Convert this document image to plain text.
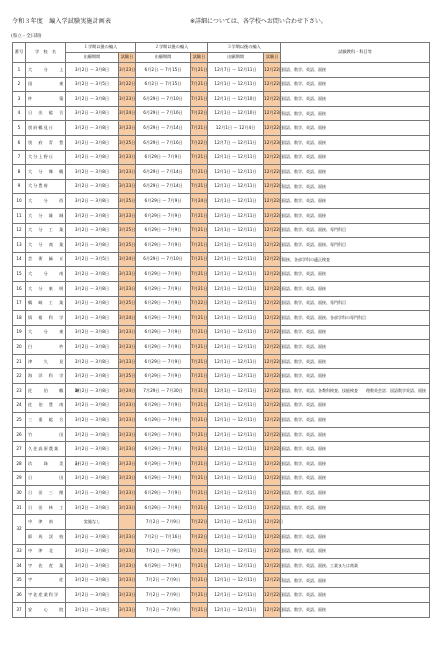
令和３年度　編入学試験実施計画表	※詳細については、各学校へお問い合わせ下さい。
(県立・全日制)
番号	学　校　名	１学期以後の編入		２学期以後の編入		３学期以後の編入		試験教科・科目等
		出願期間	試験日	出願期間	試験日	出願期間	試験日	
1	大　　分　　上	3月2日 ～ 3月8日	3月23日	6月2日 ～ 7月15日	7月21日	12月7日 ～ 12月11日	12月22日	国語、数学、英語、面接
2	国　　　　　東	3月2日 ～ 3月5日	3月22日	6月2日 ～ 7月15日	7月21日	12月1日 ～ 12月11日	12月22日	国語、数学、英語、面接
3	杵　　　　　築	3月2日 ～ 3月8日	3月23日	6月29日 ～ 7月10日	7月21日	12月1日 ～ 12月10日	12月22日	国語、数学、英語、面接
4	日　出　総　合	3月2日 ～ 3月8日	3月24日	6月29日 ～ 7月16日	7月22日	12月1日 ～ 12月10日	12月23日	国語、数学、英語、面接
5	別府鶴見丘	3月2日 ～ 3月8日	3月23日	6月29日 ～ 7月14日	7月21日	12月1日 ～ 12月4日	12月22日	国語、数学、英語、面接
6	別　府　青　豊	3月2日 ～ 3月8日	3月25日	6月29日 ～ 7月16日	7月22日	12月7日 ～ 12月11日	12月23日	国語、数学、英語、面接
7	大分上野丘	3月2日 ～ 3月8日	3月23日	6月29日 ～ 7月9日	7月21日	12月1日 ～ 12月11日	12月22日	国語、数学、英語、面接
8	大　分　舞　鶴	3月2日 ～ 3月8日	3月23日	6月29日 ～ 7月14日	7月21日	12月1日 ～ 12月11日	12月22日	国語、数学、英語、面接
9	大分豊府	3月2日 ～ 3月8日	3月23日	6月29日 ～ 7月14日	7月21日	12月1日 ～ 12月11日	12月22日	国語、数学、英語、面接
10	大　　分　　西	3月2日 ～ 3月8日	3月25日	6月29日 ～ 7月9日	7月24日	12月1日 ～ 12月11日	12月22日	国語、数学、英語、面接
11	大　分　雄　城	3月2日 ～ 3月8日	3月23日	6月29日 ～ 7月9日	7月21日	12月1日 ～ 12月11日	12月22日	国語、数学、英語、面接
12	大　分　工　業	3月2日 ～ 3月8日	3月25日	6月29日 ～ 7月9日	7月21日	12月1日 ～ 12月11日	12月22日	国語、数学、英語、面接、専門科目
13	大　分　商　業	3月2日 ～ 3月8日	3月25日	6月29日 ～ 7月9日	7月21日	12月1日 ～ 12月11日	12月22日	国語、数学、英語、面接、専門科目
14	芸　術　緑　丘	3月2日 ～ 3月5日	3月24日	6月29日 ～ 7月10日	7月21日	12月1日 ～ 12月11日	12月22日	面接、各部学科の適正検査
15	大　　分　　南	3月2日 ～ 3月8日	3月23日	6月29日 ～ 7月9日	7月21日	12月1日 ～ 12月11日	12月22日	国語、数学、英語、面接
16	大　分　東　明	3月2日 ～ 3月8日	3月23日	6月29日 ～ 7月9日	7月21日	12月1日 ～ 12月11日	12月22日	国語、数学、英語、面接
17	鶴　崎　工　業	3月2日 ～ 3月8日	3月25日	6月29日 ～ 7月9日	7月22日	12月1日 ～ 12月11日	12月22日	国語、数学、英語、面接、専門科目
18	情　報　科　学	3月2日 ～ 3月8日	3月24日	6月29日 ～ 7月9日	7月21日	12月1日 ～ 12月11日	12月22日	国語、数学、英語、面接、各部学科の専門科目
19	大　　分　　東	3月2日 ～ 3月8日	3月23日	6月29日 ～ 7月9日	7月21日	12月1日 ～ 12月11日	12月22日	国語、数学、英語、面接
20	臼　　　　　杵	3月2日 ～ 3月8日	3月23日	6月29日 ～ 7月9日	7月21日	12月1日 ～ 12月11日	12月22日	国語、数学、英語、面接
21	津　　久　　見	3月2日 ～ 3月8日	3月23日	6月29日 ～ 7月9日	7月21日	12月1日 ～ 12月11日	12月22日	国語、数学、英語、面接
22	海　洋　科　学	3月2日 ～ 3月8日	3月25日	6月29日 ～ 7月9日	7月21日	12月1日 ～ 12月11日	12月22日	国語、数学、英語、面接
23	佐　　伯　　鶴　　城	3月2日 ～ 3月8日	3月24日	7月29日 ～ 7月30日	7月31日	12月1日 ～ 12月11日	12月22日	国語、数学、英語、各教科検査、技能検査　　理数英会話：国語数学英語、面接
24	佐　伯　豊　南	3月2日 ～ 3月8日	3月23日	6月29日 ～ 7月9日	7月21日	12月1日 ～ 12月11日	12月22日	国語、数学、英語、面接
25	三　重　総　合	3月2日 ～ 3月8日	3月23日	6月29日 ～ 7月9日	7月21日	12月1日 ～ 12月11日	12月22日	国語、数学、英語、面接
26	竹　　　　　田	3月2日 ～ 3月8日	3月23日	6月29日 ～ 7月9日	7月21日	12月1日 ～ 12月11日	12月22日	国語、数学、英語、面接
27	久住高原農業	3月2日 ～ 3月8日	3月23日	6月29日 ～ 7月9日	7月21日	12月1日 ～ 12月11日	12月22日	国語、数学、英語、面接
28	玖　　珠　　美　　山	3月2日 ～ 3月8日	3月23日	6月29日 ～ 7月9日	7月21日	12月1日 ～ 12月11日	12月22日	国語、数学、英語、面接
29	日　　　　　田	3月2日 ～ 3月8日	3月23日	6月29日 ～ 7月9日	7月21日	12月1日 ～ 12月11日	12月22日	国語、数学、英語、面接
30	日　田　三　隈	3月2日 ～ 3月8日	3月23日	6月29日 ～ 7月9日	7月21日	12月1日 ～ 12月11日	12月22日	国語、数学、英語、面接
31	日　田　林　工	3月2日 ～ 3月8日	3月23日	6月29日 ～ 7月9日	7月21日	12月1日 ～ 12月11日	12月22日	国語、数学、英語、面接
32	中　津　南	実施なし		7月2日 ～ 7月9日	7月22日	12月1日 ～ 12月11日	12月22日	
	耶　馬　渓　校	3月2日 ～ 3月8日	3月23日	7月2日 ～ 7月16日	7月22日	12月1日 ～ 12月11日	12月22日	国語、数学、英語、面接
33	中　津　北	3月2日 ～ 3月8日	3月23日	7月2日 ～ 7月9日	7月21日	12月1日 ～ 12月11日	12月22日	国語、数学、英語、面接
34	宇　佐　産　業	3月2日 ～ 3月8日	3月23日	6月29日 ～ 7月9日	7月21日	12月1日 ～ 12月11日	12月22日	国語、数学、英語、面接、工業または商業
35	宇　　　　　佐	3月2日 ～ 3月8日	3月23日	7月2日 ～ 7月9日	7月21日	12月1日 ～ 12月11日	12月22日	国語、数学、英語、面接
36	宇佐産業科学	3月2日 ～ 3月8日	3月23日	7月2日 ～ 7月9日	7月21日	12月1日 ～ 12月11日	12月22日	国語、数学、英語、面接
37	安　　心　　院	3月1日 ～ 3月4日	3月23日	7月2日 ～ 7月9日	7月21日	12月1日 ～ 12月11日	12月22日	国語、数学、英語、面接
